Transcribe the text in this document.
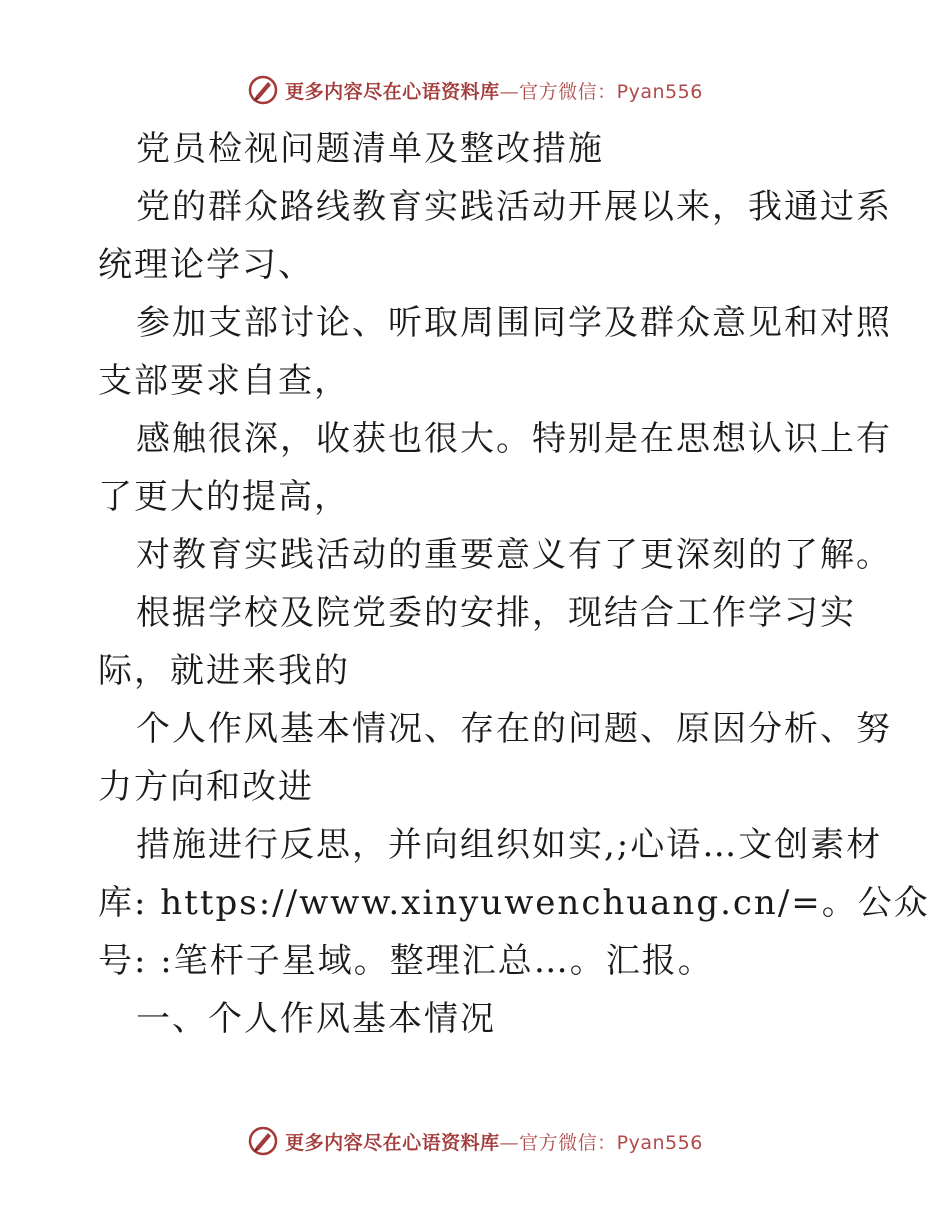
更多内容尽在心语资料库—官方微信：Pyan556
党员检视问题清单及整改措施
党的群众路线教育实践活动开展以来，我通过系
统理论学习、
参加支部讨论、听取周围同学及群众意见和对照
支部要求自查，
感触很深，收获也很大。特别是在思想认识上有
了更大的提高，
对教育实践活动的重要意义有了更深刻的了解。
根据学校及院党委的安排，现结合工作学习实
际，就进来我的
个人作风基本情况、存在的问题、原因分析、努
力方向和改进
措施进行反思，并向组织如实,;心语…文创素材
库: https://www.xinyuwenchuang.cn/=。公众
号: :笔杆子星域。整理汇总…。汇报。
一、个人作风基本情况
更多内容尽在心语资料库—官方微信：Pyan556
